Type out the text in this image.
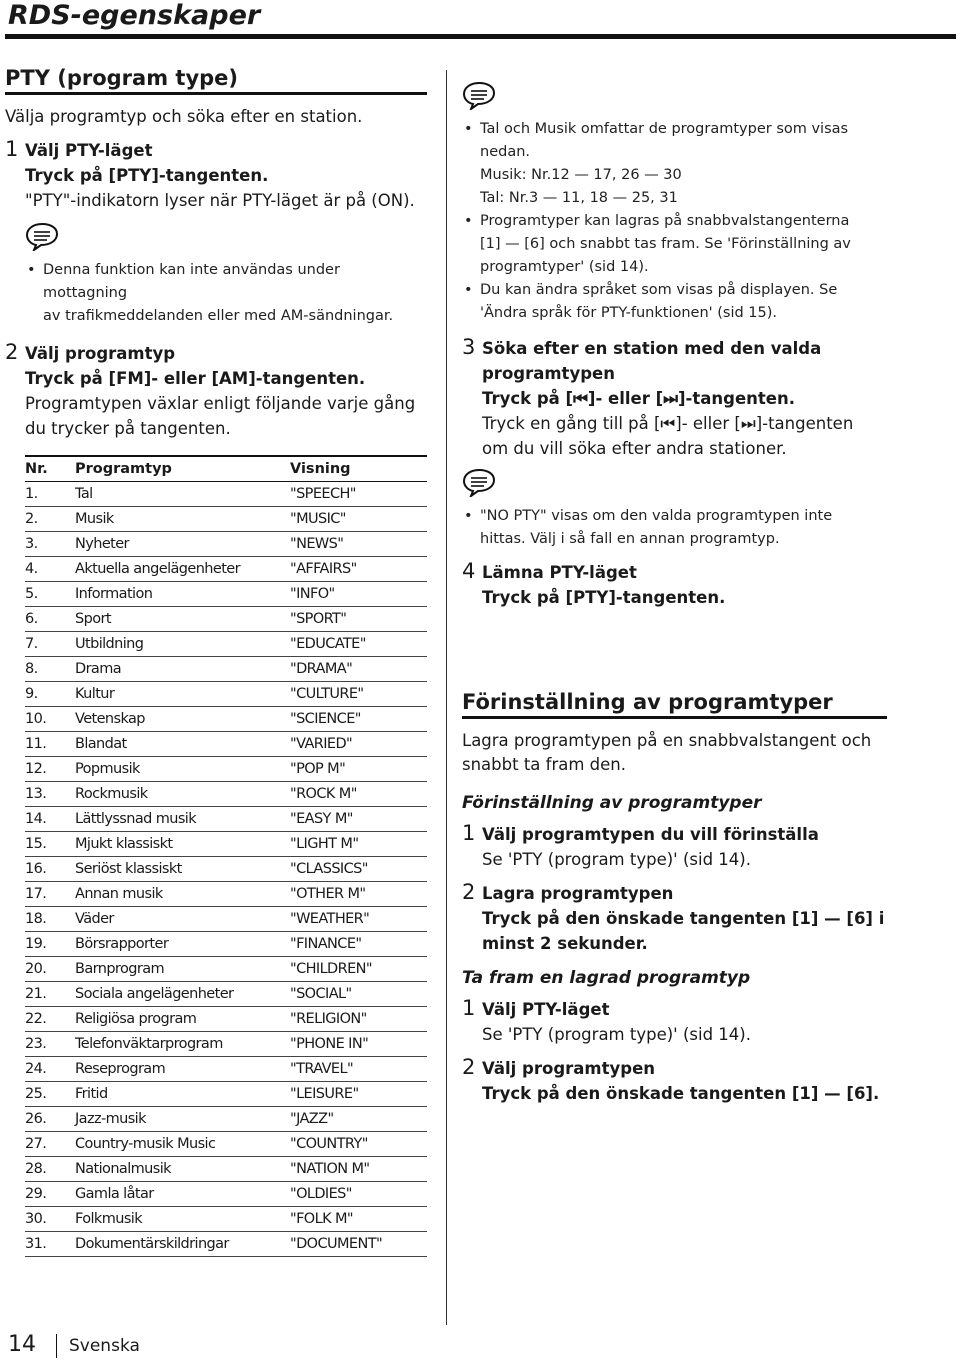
RDS-egenskaper
PTY (program type)
Välja programtyp och söka efter en station.
1 Välj PTY-läget
Tryck på [PTY]-tangenten.
"PTY"-indikatorn lyser när PTY-läget är på (ON).
• Denna funktion kan inte användas under mottagning
av trafikmeddelanden eller med AM-sändningar.
2 Välj programtyp
Tryck på [FM]- eller [AM]-tangenten.
Programtypen växlar enligt följande varje gång
du trycker på tangenten.
Nr.	Programtyp	Visning
1.	Tal	"SPEECH"
2.	Musik	"MUSIC"
3.	Nyheter	"NEWS"
4.	Aktuella angelägenheter	"AFFAIRS"
5.	Information	"INFO"
6.	Sport	"SPORT"
7.	Utbildning	"EDUCATE"
8.	Drama	"DRAMA"
9.	Kultur	"CULTURE"
10.	Vetenskap	"SCIENCE"
11.	Blandat	"VARIED"
12.	Popmusik	"POP M"
13.	Rockmusik	"ROCK M"
14.	Lättlyssnad musik	"EASY M"
15.	Mjukt klassiskt	"LIGHT M"
16.	Seriöst klassiskt	"CLASSICS"
17.	Annan musik	"OTHER M"
18.	Väder	"WEATHER"
19.	Börsrapporter	"FINANCE"
20.	Barnprogram	"CHILDREN"
21.	Sociala angelägenheter	"SOCIAL"
22.	Religiösa program	"RELIGION"
23.	Telefonväktarprogram	"PHONE IN"
24.	Reseprogram	"TRAVEL"
25.	Fritid	"LEISURE"
26.	Jazz-musik	"JAZZ"
27.	Country-musik Music	"COUNTRY"
28.	Nationalmusik	"NATION M"
29.	Gamla låtar	"OLDIES"
30.	Folkmusik	"FOLK M"
31.	Dokumentärskildringar	"DOCUMENT"
• Tal och Musik omfattar de programtyper som visas
nedan.
Musik: Nr.12 — 17, 26 — 30
Tal: Nr.3 — 11, 18 — 25, 31
• Programtyper kan lagras på snabbvalstangenterna
[1] — [6] och snabbt tas fram. Se 'Förinställning av
programtyper' (sid 14).
• Du kan ändra språket som visas på displayen. Se
'Ändra språk för PTY-funktionen' (sid 15).
3 Söka efter en station med den valda
programtypen
Tryck på [⏮]- eller [⏭]-tangenten.
Tryck en gång till på [⏮]- eller [⏭]-tangenten
om du vill söka efter andra stationer.
• "NO PTY" visas om den valda programtypen inte
hittas. Välj i så fall en annan programtyp.
4 Lämna PTY-läget
Tryck på [PTY]-tangenten.
Förinställning av programtyper
Lagra programtypen på en snabbvalstangent och
snabbt ta fram den.
Förinställning av programtyper
1 Välj programtypen du vill förinställa
Se 'PTY (program type)' (sid 14).
2 Lagra programtypen
Tryck på den önskade tangenten [1] — [6] i
minst 2 sekunder.
Ta fram en lagrad programtyp
1 Välj PTY-läget
Se 'PTY (program type)' (sid 14).
2 Välj programtypen
Tryck på den önskade tangenten [1] — [6].
14 Svenska
